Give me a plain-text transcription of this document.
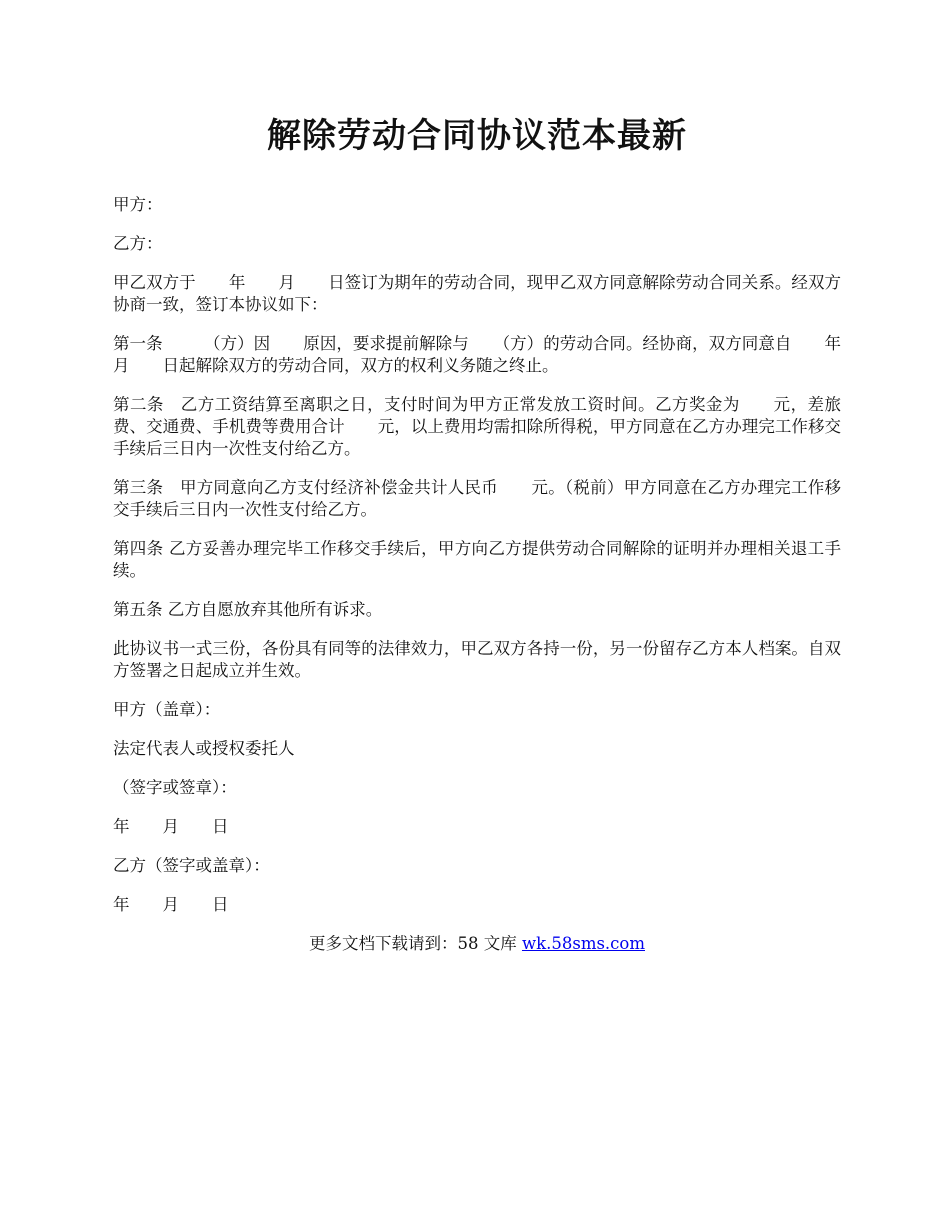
解除劳动合同协议范本最新

甲方：

乙方：

甲乙双方于　　年　　月　　日签订为期年的劳动合同，现甲乙双方同意解除劳动合同关系。经双方协商一致，签订本协议如下：

第一条　　　（方）因　　原因，要求提前解除与　　（方）的劳动合同。经协商，双方同意自　　年　　月　　日起解除双方的劳动合同，双方的权利义务随之终止。

第二条　乙方工资结算至离职之日，支付时间为甲方正常发放工资时间。乙方奖金为　　元，差旅费、交通费、手机费等费用合计　　元，以上费用均需扣除所得税，甲方同意在乙方办理完工作移交手续后三日内一次性支付给乙方。

第三条　甲方同意向乙方支付经济补偿金共计人民币　　元。（税前）甲方同意在乙方办理完工作移交手续后三日内一次性支付给乙方。

第四条 乙方妥善办理完毕工作移交手续后，甲方向乙方提供劳动合同解除的证明并办理相关退工手续。

第五条 乙方自愿放弃其他所有诉求。

此协议书一式三份，各份具有同等的法律效力，甲乙双方各持一份，另一份留存乙方本人档案。自双方签署之日起成立并生效。

甲方（盖章）：

法定代表人或授权委托人

（签字或签章）：

年　　月　　日

乙方（签字或盖章）：

年　　月　　日

更多文档下载请到：58 文库 wk.58sms.com
